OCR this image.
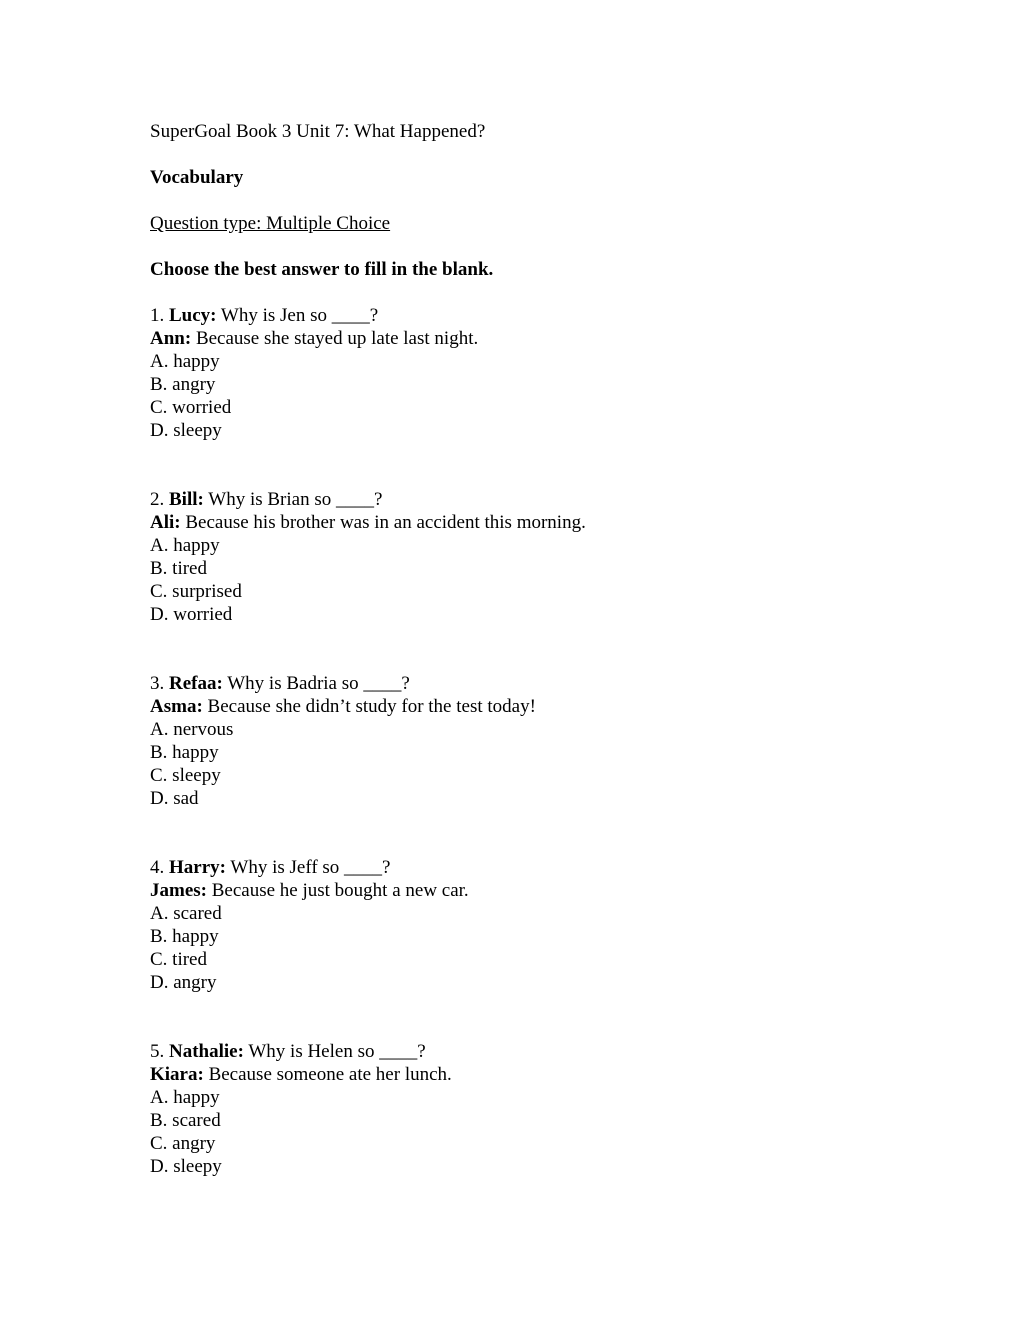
SuperGoal Book 3 Unit 7: What Happened?
Vocabulary
Question type: Multiple Choice
Choose the best answer to fill in the blank.
1. Lucy: Why is Jen so ____?
Ann: Because she stayed up late last night.
A. happy
B. angry
C. worried
D. sleepy
2. Bill: Why is Brian so ____?
Ali: Because his brother was in an accident this morning.
A. happy
B. tired
C. surprised
D. worried
3. Refaa: Why is Badria so ____?
Asma: Because she didn’t study for the test today!
A. nervous
B. happy
C. sleepy
D. sad
4. Harry: Why is Jeff so ____?
James: Because he just bought a new car.
A. scared
B. happy
C. tired
D. angry
5. Nathalie: Why is Helen so ____?
Kiara: Because someone ate her lunch.
A. happy
B. scared
C. angry
D. sleepy
